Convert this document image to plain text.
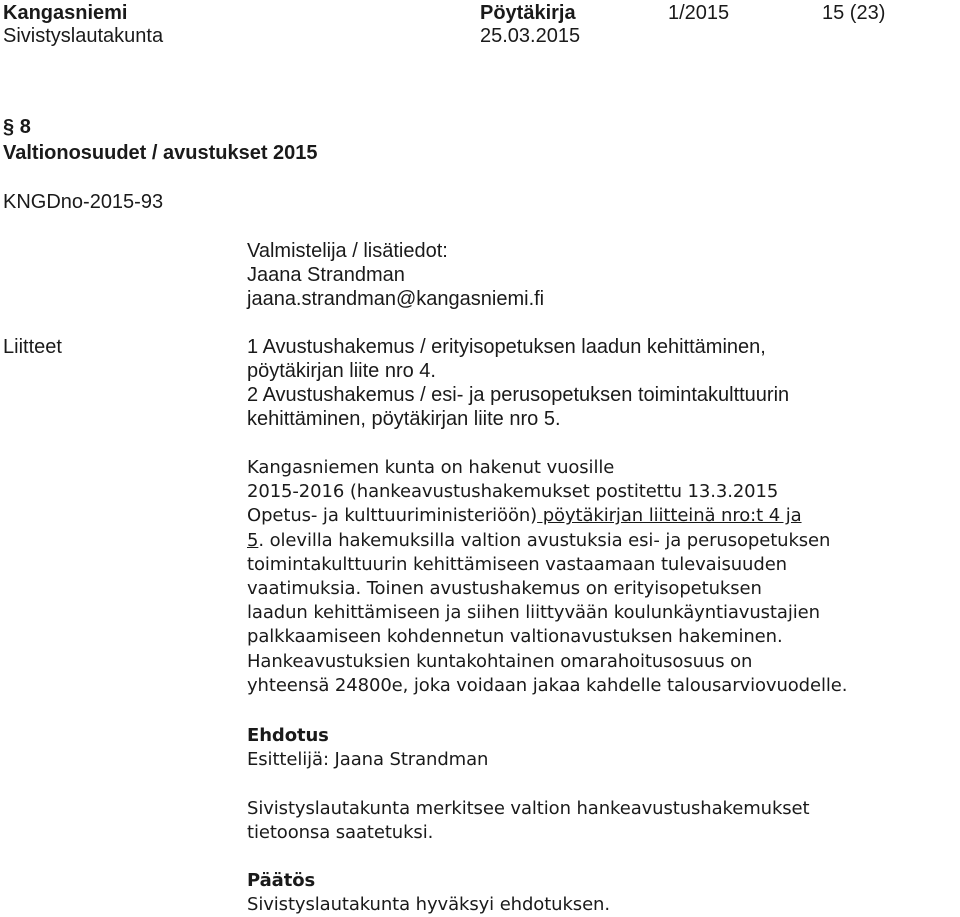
Kangasniemi
Sivistyslautakunta
Pöytäkirja
25.03.2015
1/2015	15 (23)
§ 8
Valtionosuudet / avustukset 2015
KNGDno-2015-93
Valmistelija / lisätiedot:
Jaana Strandman
jaana.strandman@kangasniemi.fi
Liitteet	1 Avustushakemus / erityisopetuksen laadun kehittäminen,
pöytäkirjan liite nro 4.
2 Avustushakemus / esi- ja perusopetuksen toimintakulttuurin
kehittäminen, pöytäkirjan liite nro 5.
Kangasniemen kunta on hakenut vuosille
2015-2016 (hankeavustushakemukset postitettu 13.3.2015
Opetus- ja kulttuuriministeriöön) pöytäkirjan liitteinä nro:t 4 ja
5. olevilla hakemuksilla valtion avustuksia esi- ja perusopetuksen
toimintakulttuurin kehittämiseen vastaamaan tulevaisuuden
vaatimuksia. Toinen avustushakemus on erityisopetuksen
laadun kehittämiseen ja siihen liittyvään koulunkäyntiavustajien
palkkaamiseen kohdennetun valtionavustuksen hakeminen.
Hankeavustuksien kuntakohtainen omarahoitusosuus on
yhteensä 24800e, joka voidaan jakaa kahdelle talousarviovuodelle.
Ehdotus
Esittelijä: Jaana Strandman
Sivistyslautakunta merkitsee valtion hankeavustushakemukset
tietoonsa saatetuksi.
Päätös
Sivistyslautakunta hyväksyi ehdotuksen.
